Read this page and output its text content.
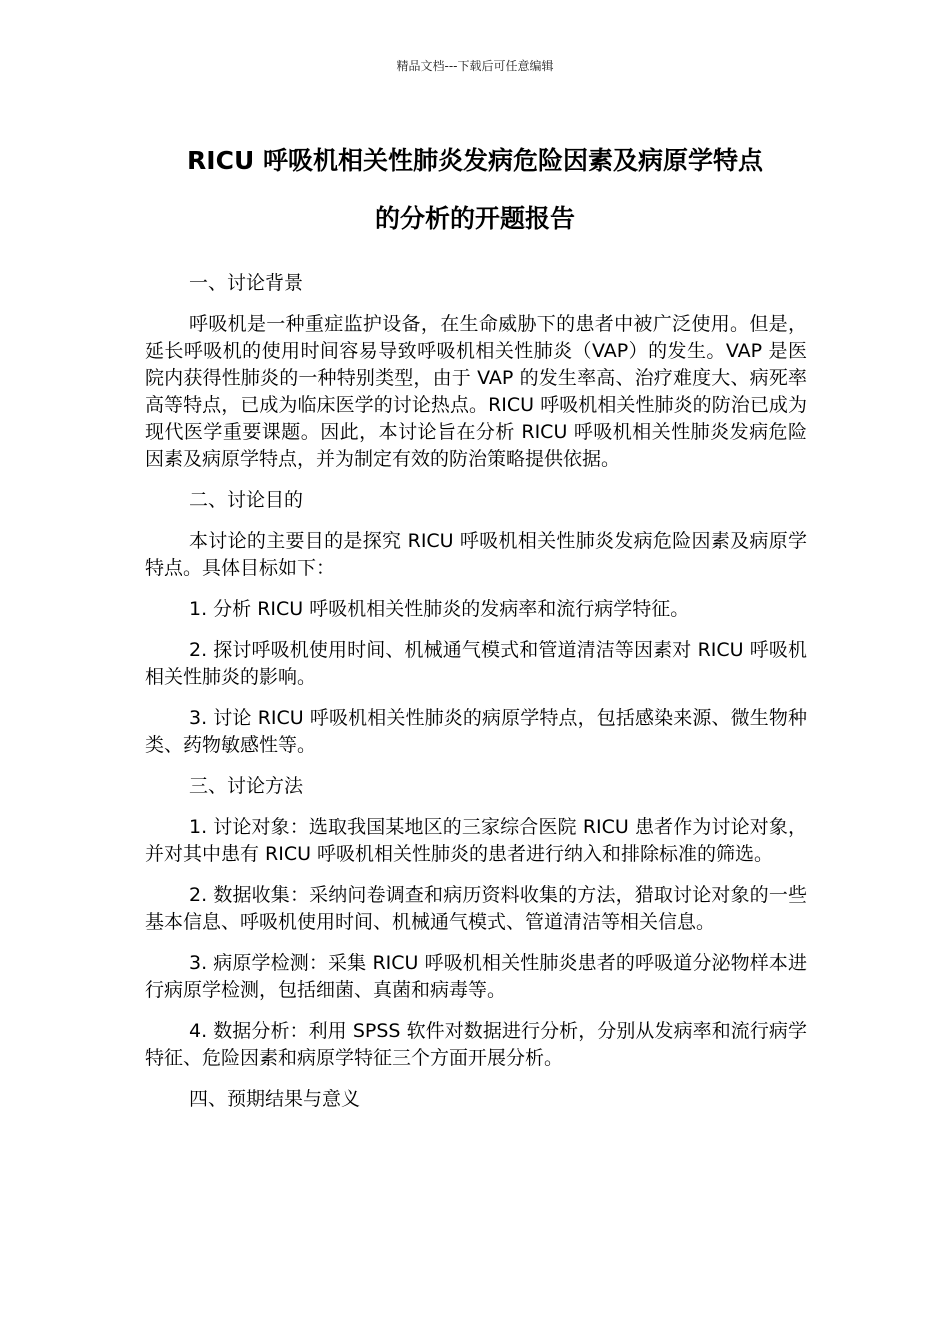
精品文档---下载后可任意编辑
RICU 呼吸机相关性肺炎发病危险因素及病原学特点
的分析的开题报告

一、讨论背景

呼吸机是一种重症监护设备，在生命威胁下的患者中被广泛使用。但是，延长呼吸机的使用时间容易导致呼吸机相关性肺炎（VAP）的发生。VAP 是医院内获得性肺炎的一种特别类型，由于 VAP 的发生率高、治疗难度大、病死率高等特点，已成为临床医学的讨论热点。RICU 呼吸机相关性肺炎的防治已成为现代医学重要课题。因此，本讨论旨在分析 RICU 呼吸机相关性肺炎发病危险因素及病原学特点，并为制定有效的防治策略提供依据。

二、讨论目的

本讨论的主要目的是探究 RICU 呼吸机相关性肺炎发病危险因素及病原学特点。具体目标如下：

1. 分析 RICU 呼吸机相关性肺炎的发病率和流行病学特征。

2. 探讨呼吸机使用时间、机械通气模式和管道清洁等因素对 RICU 呼吸机相关性肺炎的影响。

3. 讨论 RICU 呼吸机相关性肺炎的病原学特点，包括感染来源、微生物种类、药物敏感性等。

三、讨论方法

1. 讨论对象：选取我国某地区的三家综合医院 RICU 患者作为讨论对象，并对其中患有 RICU 呼吸机相关性肺炎的患者进行纳入和排除标准的筛选。

2. 数据收集：采纳问卷调查和病历资料收集的方法，猎取讨论对象的一些基本信息、呼吸机使用时间、机械通气模式、管道清洁等相关信息。

3. 病原学检测：采集 RICU 呼吸机相关性肺炎患者的呼吸道分泌物样本进行病原学检测，包括细菌、真菌和病毒等。

4. 数据分析：利用 SPSS 软件对数据进行分析，分别从发病率和流行病学特征、危险因素和病原学特征三个方面开展分析。

四、预期结果与意义
